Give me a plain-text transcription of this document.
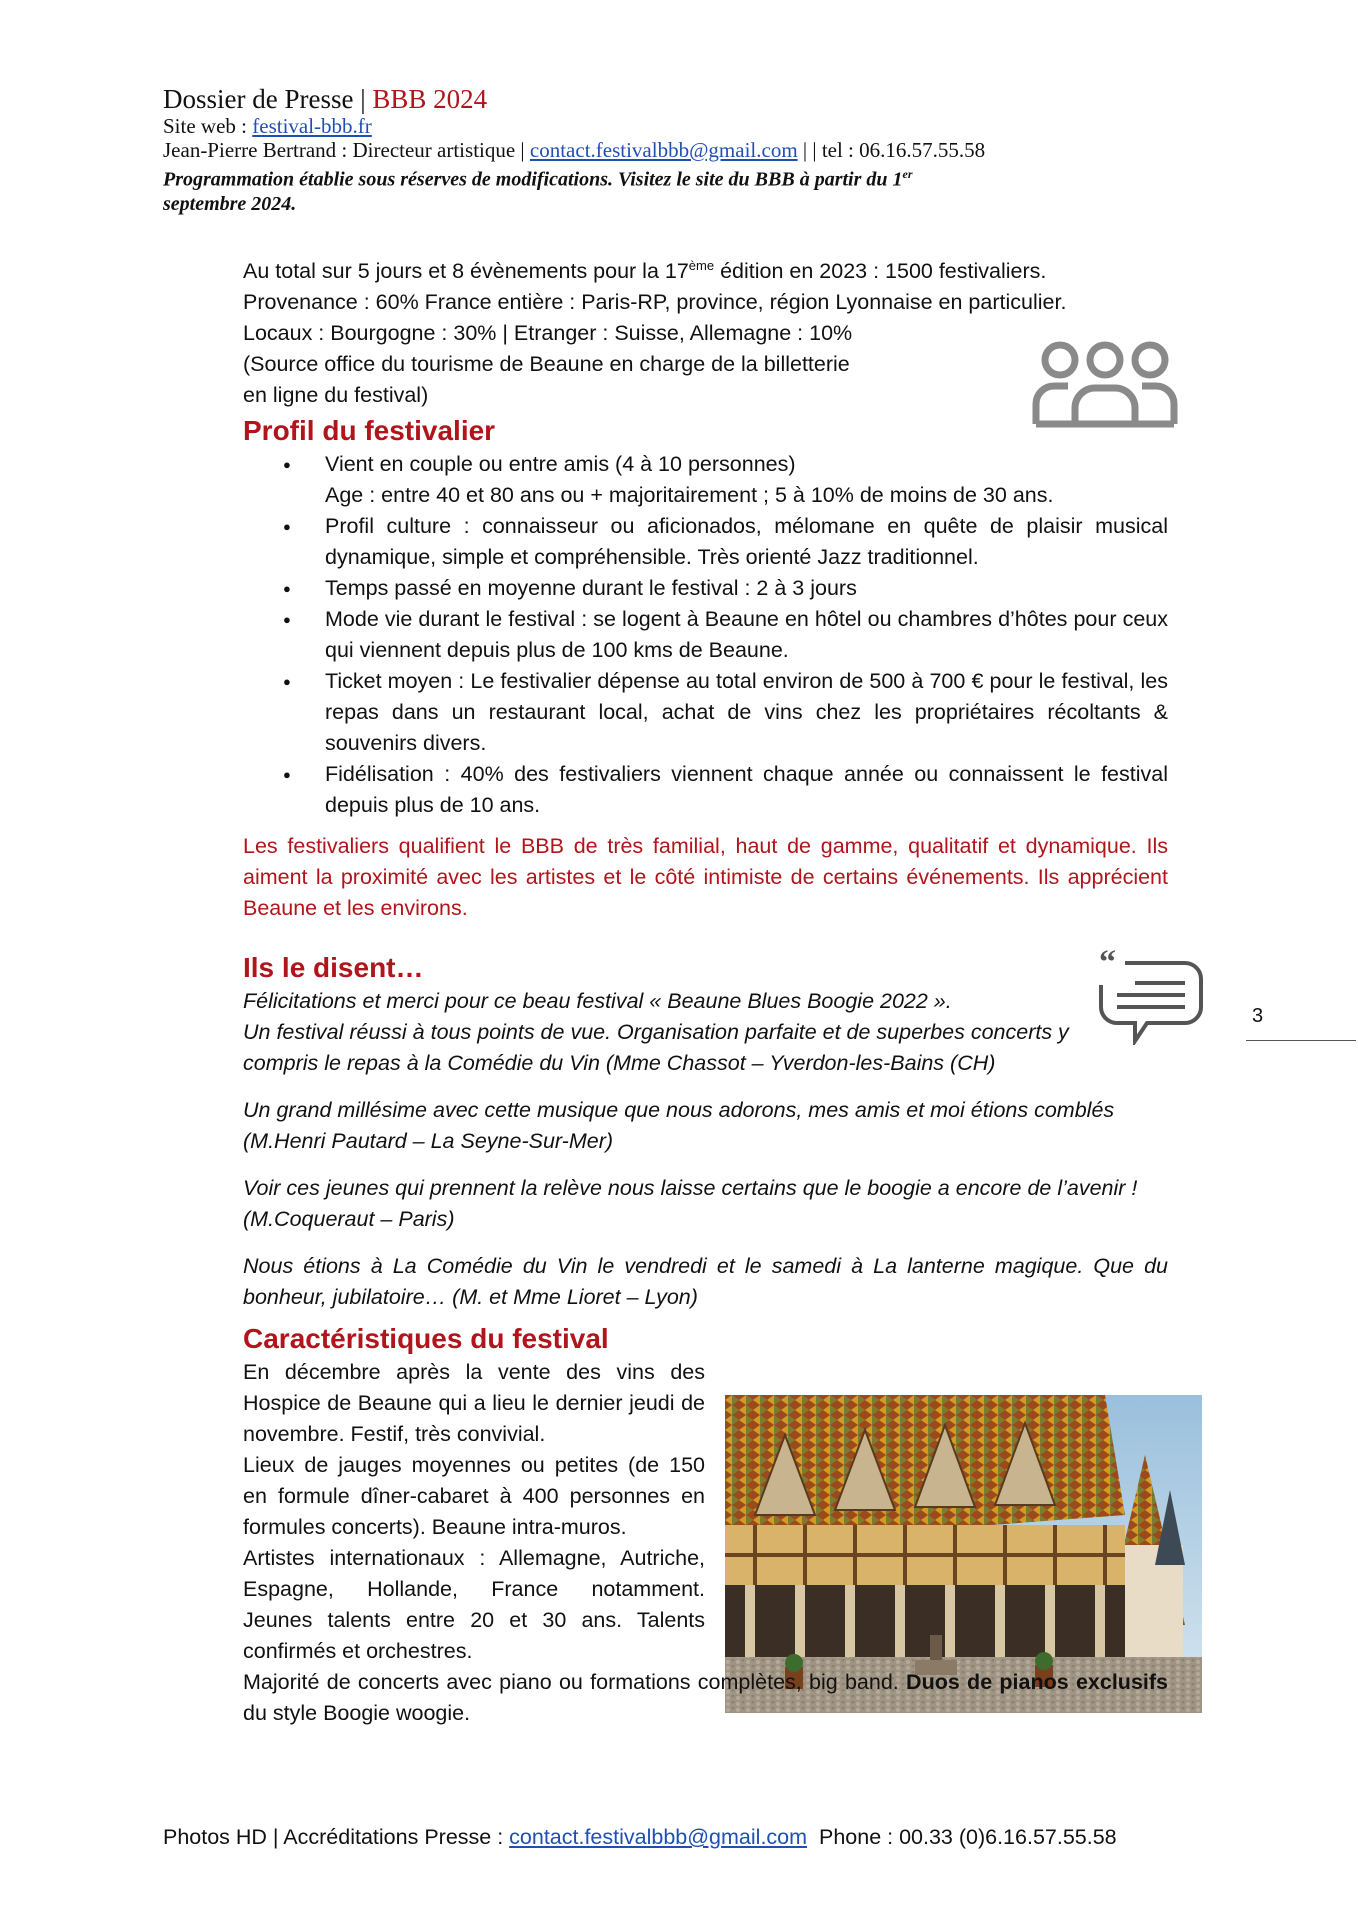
Dossier de Presse | BBB 2024
Site web : festival-bbb.fr
Jean-Pierre Bertrand : Directeur artistique | contact.festivalbbb@gmail.com | | tel : 06.16.57.55.58
Programmation établie sous réserves de modifications. Visitez le site du BBB à partir du 1er
septembre 2024.
“
3

Au total sur 5 jours et 8 évènements pour la 17ème édition en 2023 : 1500 festivaliers.

Provenance : 60% France entière : Paris-RP, province, région Lyonnaise en particulier.

Locaux : Bourgogne : 30% | Etranger : Suisse, Allemagne : 10%

(Source office du tourisme de Beaune en charge de la billetterie

en ligne du festival)

Profil du festivalier
● Vient en couple ou entre amis (4 à 10 personnes)
Age : entre 40 et 80 ans ou + majoritairement ; 5 à 10% de moins de 30 ans.
● Profil culture : connaisseur ou aficionados, mélomane en quête de plaisir musical dynamique, simple et compréhensible. Très orienté Jazz traditionnel.
● Temps passé en moyenne durant le festival : 2 à 3 jours
● Mode vie durant le festival : se logent à Beaune en hôtel ou chambres d’hôtes pour ceux qui viennent depuis plus de 100 kms de Beaune.
● Ticket moyen : Le festivalier dépense au total environ de 500 à 700 € pour le festival, les repas dans un restaurant local, achat de vins chez les propriétaires récoltants & souvenirs divers.
● Fidélisation : 40% des festivaliers viennent chaque année ou connaissent le festival depuis plus de 10 ans.

Les festivaliers qualifient le BBB de très familial, haut de gamme, qualitatif et dynamique. Ils aiment la proximité avec les artistes et le côté intimiste de certains événements. Ils apprécient Beaune et les environs.

Ils le disent…
Félicitations et merci pour ce beau festival « Beaune Blues Boogie 2022 ».
Un festival réussi à tous points de vue. Organisation parfaite et de superbes concerts y compris le repas à la Comédie du Vin (Mme Chassot – Yverdon-les-Bains (CH)

Un grand millésime avec cette musique que nous adorons, mes amis et moi étions comblés (M.Henri Pautard – La Seyne-Sur-Mer)

Voir ces jeunes qui prennent la relève nous laisse certains que le boogie a encore de l’avenir ! (M.Coqueraut – Paris)

Nous étions à La Comédie du Vin le vendredi et le samedi à La lanterne magique. Que du bonheur, jubilatoire… (M. et Mme Lioret – Lyon)

Caractéristiques du festival

En décembre après la vente des vins des Hospice de Beaune qui a lieu le dernier jeudi de novembre. Festif, très convivial.

Lieux de jauges moyennes ou petites (de 150 en formule dîner-cabaret à 400 personnes en formules concerts). Beaune intra-muros.

Artistes internationaux : Allemagne, Autriche, Espagne, Hollande, France notamment.

Jeunes talents entre 20 et 30 ans. Talents confirmés et orchestres.

Majorité de concerts avec piano ou formations complètes, big band. Duos de pianos exclusifs du style Boogie woogie.

Photos HD | Accréditations Presse : contact.festivalbbb@gmail.com  Phone : 00.33 (0)6.16.57.55.58
